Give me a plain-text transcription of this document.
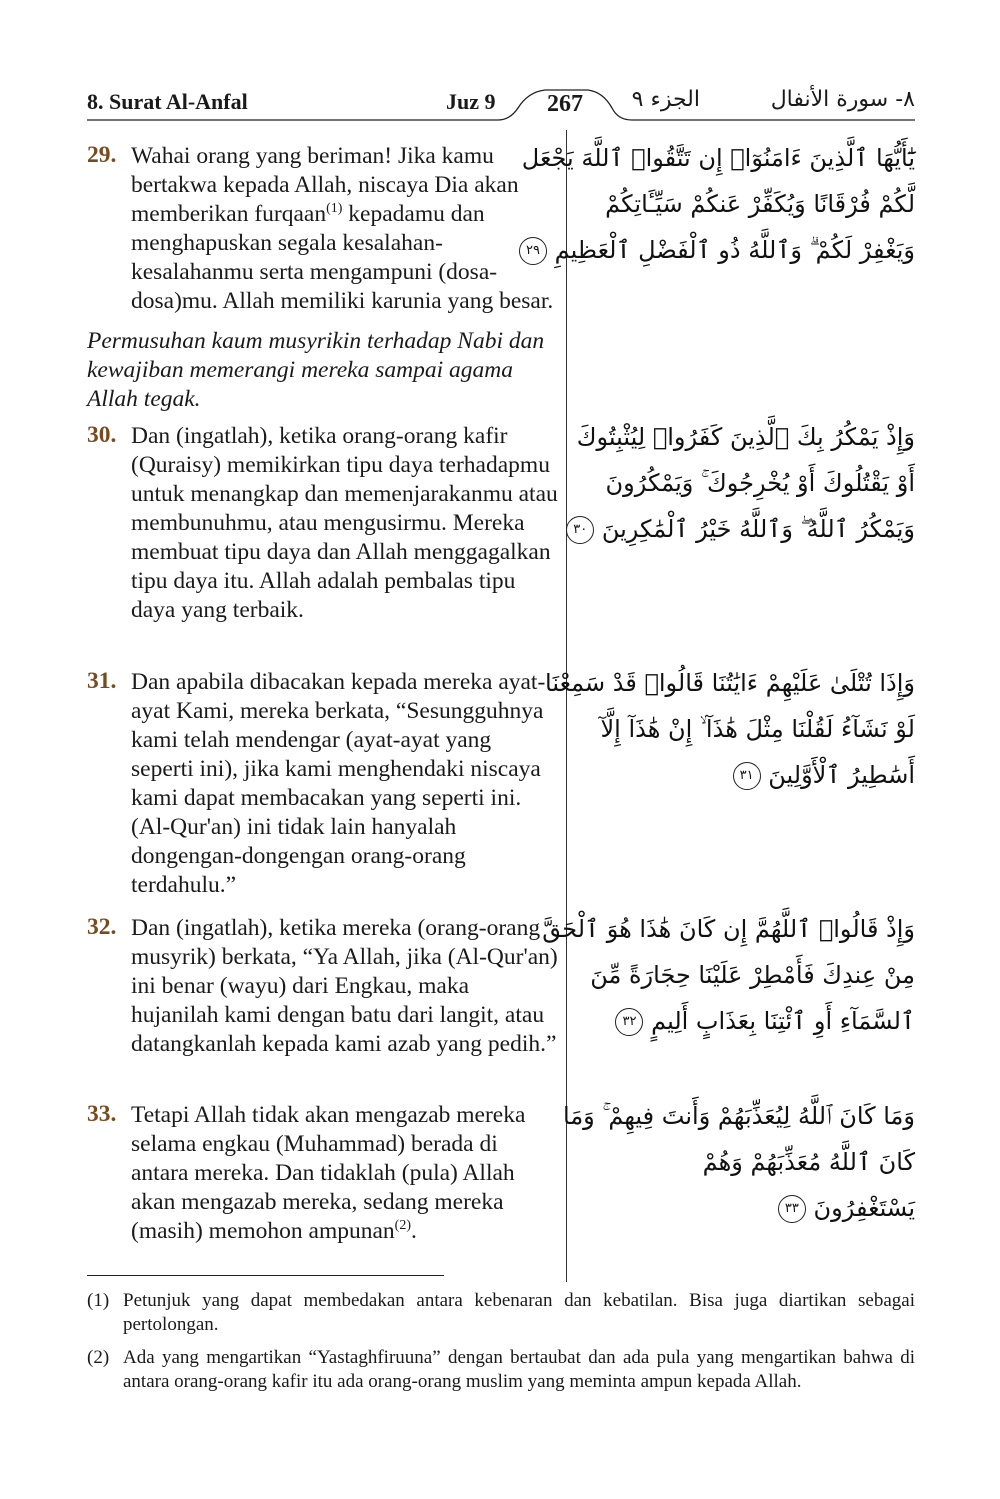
8. Surat Al-Anfal	Juz 9	267	الجزء ٩	٨- سورة الأنفال
29. Wahai orang yang beriman! Jika kamu bertakwa kepada Allah, niscaya Dia akan memberikan furqaan$^{(1)}$ kepadamu dan menghapuskan segala kesalahan-kesalahanmu serta mengampuni (dosa-dosa)mu. Allah memiliki karunia yang besar.
Permusuhan kaum musyrikin terhadap Nabi dan kewajiban memerangi mereka sampai agama Allah tegak.
30. Dan (ingatlah), ketika orang-orang kafir (Quraisy) memikirkan tipu daya terhadapmu untuk menangkap dan memenjarakanmu atau membunuhmu, atau mengusirmu. Mereka membuat tipu daya dan Allah menggagalkan tipu daya itu. Allah adalah pembalas tipu daya yang terbaik.
31. Dan apabila dibacakan kepada mereka ayat-ayat Kami, mereka berkata, “Sesungguhnya kami telah mendengar (ayat-ayat yang seperti ini), jika kami menghendaki niscaya kami dapat membacakan yang seperti ini. (Al-Qur'an) ini tidak lain hanyalah dongengan-dongengan orang-orang terdahulu.”
32. Dan (ingatlah), ketika mereka (orang-orang musyrik) berkata, “Ya Allah, jika (Al-Qur'an) ini benar (wayu) dari Engkau, maka hujanilah kami dengan batu dari langit, atau datangkanlah kepada kami azab yang pedih.”
33. Tetapi Allah tidak akan mengazab mereka selama engkau (Muhammad) berada di antara mereka. Dan tidaklah (pula) Allah akan mengazab mereka, sedang mereka (masih) memohon ampunan$^{(2)}$.
يَٰٓأَيُّهَا ٱلَّذِينَ ءَامَنُوٓا۟ إِن تَتَّقُوا۟ ٱللَّهَ يَجْعَل
لَّكُمْ فُرْقَانًا وَيُكَفِّرْ عَنكُمْ سَيِّـَٔاتِكُمْ
وَيَغْفِرْ لَكُمْ ۗ وَٱللَّهُ ذُو ٱلْفَضْلِ ٱلْعَظِيمِ ٢٩
وَإِذْ يَمْكُرُ بِكَ ٱلَّذِينَ كَفَرُوا۟ لِيُثْبِتُوكَ
أَوْ يَقْتُلُوكَ أَوْ يُخْرِجُوكَ ۚ وَيَمْكُرُونَ
وَيَمْكُرُ ٱللَّهُ ۖ وَٱللَّهُ خَيْرُ ٱلْمَٰكِرِينَ ٣٠
وَإِذَا تُتْلَىٰ عَلَيْهِمْ ءَايَٰتُنَا قَالُوا۟ قَدْ سَمِعْنَا
لَوْ نَشَآءُ لَقُلْنَا مِثْلَ هَٰذَآ ۙ إِنْ هَٰذَآ إِلَّآ
أَسَٰطِيرُ ٱلْأَوَّلِينَ ٣١
وَإِذْ قَالُوا۟ ٱللَّهُمَّ إِن كَانَ هَٰذَا هُوَ ٱلْحَقَّ
مِنْ عِندِكَ فَأَمْطِرْ عَلَيْنَا حِجَارَةً مِّنَ
ٱلسَّمَآءِ أَوِ ٱئْتِنَا بِعَذَابٍ أَلِيمٍ ٣٢
وَمَا كَانَ ٱللَّهُ لِيُعَذِّبَهُمْ وَأَنتَ فِيهِمْ ۚ وَمَا
كَانَ ٱللَّهُ مُعَذِّبَهُمْ وَهُمْ
يَسْتَغْفِرُونَ ٣٣
(1) Petunjuk yang dapat membedakan antara kebenaran dan kebatilan. Bisa juga diartikan sebagai pertolongan.
(2) Ada yang mengartikan “Yastaghfiruuna” dengan bertaubat dan ada pula yang mengartikan bahwa di antara orang-orang kafir itu ada orang-orang muslim yang meminta ampun kepada Allah.
